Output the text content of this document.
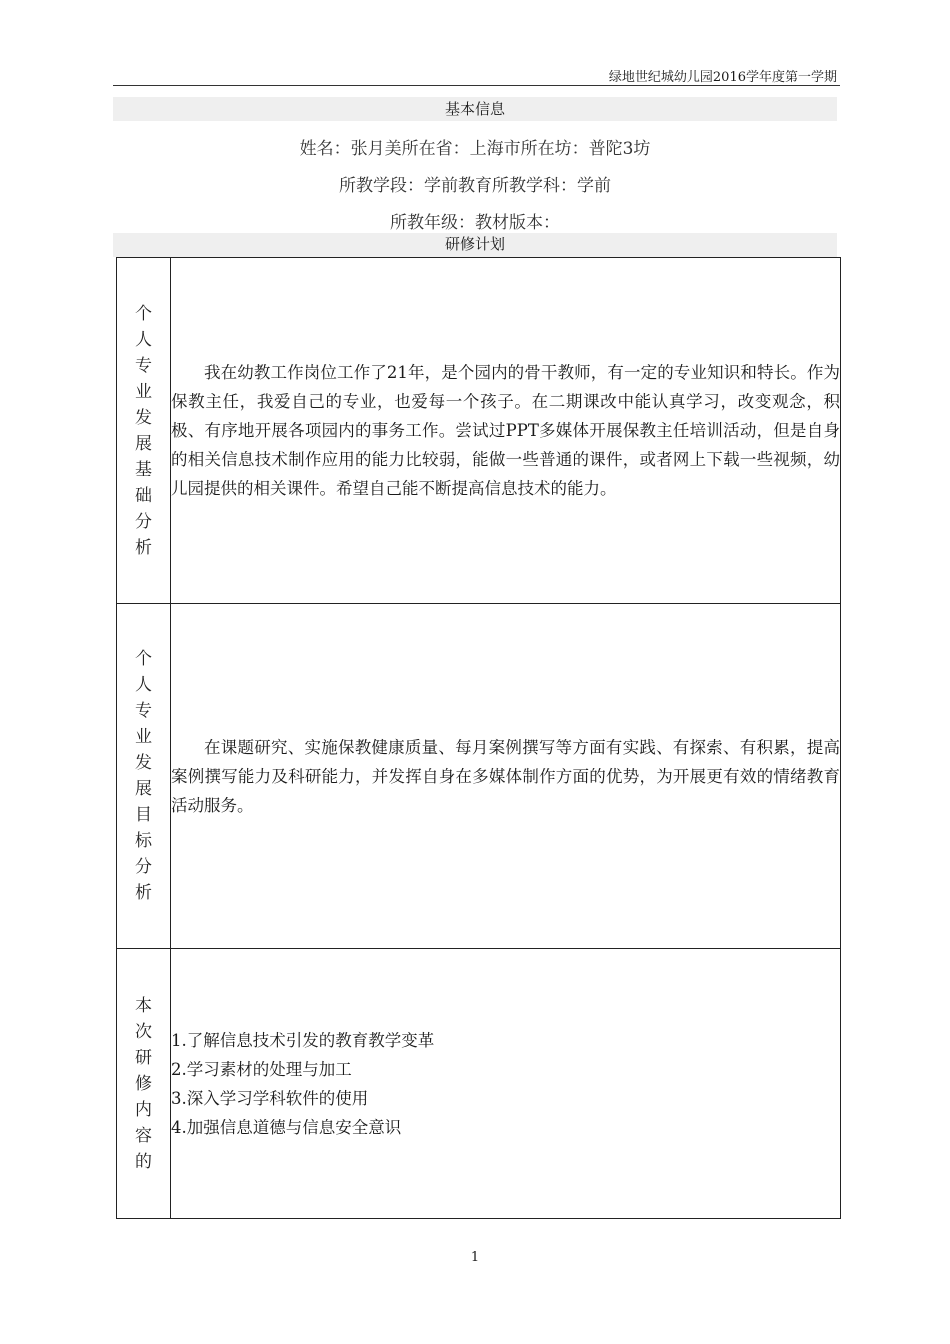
绿地世纪城幼儿园2016学年度第一学期
基本信息
姓名：张月美所在省：上海市所在坊：普陀3坊
所教学段：学前教育所教学科：学前
所教年级：教材版本：
研修计划
个人专业发展基础分析	我在幼教工作岗位工作了21年，是个园内的骨干教师，有一定的专业知识和特长。作为保教主任，我爱自己的专业，也爱每一个孩子。在二期课改中能认真学习，改变观念，积极、有序地开展各项园内的事务工作。尝试过PPT多媒体开展保教主任培训活动，但是自身的相关信息技术制作应用的能力比较弱，能做一些普通的课件，或者网上下载一些视频，幼儿园提供的相关课件。希望自己能不断提高信息技术的能力。

个人专业发展目标分析	在课题研究、实施保教健康质量、每月案例撰写等方面有实践、有探索、有积累，提高案例撰写能力及科研能力，并发挥自身在多媒体制作方面的优势，为开展更有效的情绪教育活动服务。

本次研修内容的	1.了解信息技术引发的教育教学变革
2.学习素材的处理与加工
3.深入学习学科软件的使用
4.加强信息道德与信息安全意识
1
